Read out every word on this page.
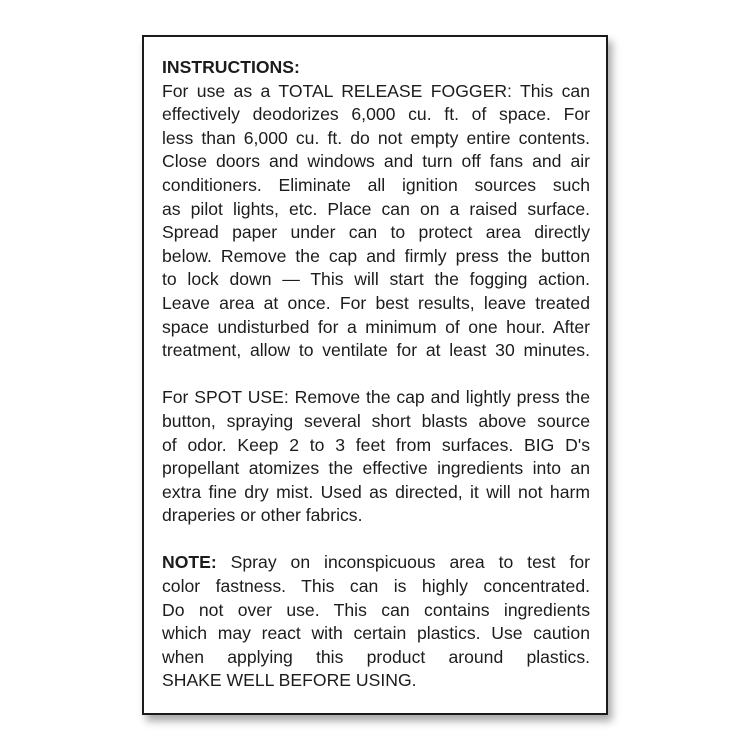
INSTRUCTIONS:
For use as a TOTAL RELEASE FOGGER: This can
effectively deodorizes 6,000 cu. ft. of space. For
less than 6,000 cu. ft. do not empty entire contents.
Close doors and windows and turn off fans and air
conditioners. Eliminate all ignition sources such
as pilot lights, etc. Place can on a raised surface.
Spread paper under can to protect area directly
below. Remove the cap and firmly press the button
to lock down — This will start the fogging action.
Leave area at once. For best results, leave treated
space undisturbed for a minimum of one hour. After
treatment, allow to ventilate for at least 30 minutes.
For SPOT USE: Remove the cap and lightly press the
button, spraying several short blasts above source
of odor. Keep 2 to 3 feet from surfaces. BIG D's
propellant atomizes the effective ingredients into an
extra fine dry mist. Used as directed, it will not harm
draperies or other fabrics.
NOTE: Spray on inconspicuous area to test for
color fastness. This can is highly concentrated.
Do not over use. This can contains ingredients
which may react with certain plastics. Use caution
when applying this product around plastics.
SHAKE WELL BEFORE USING.
